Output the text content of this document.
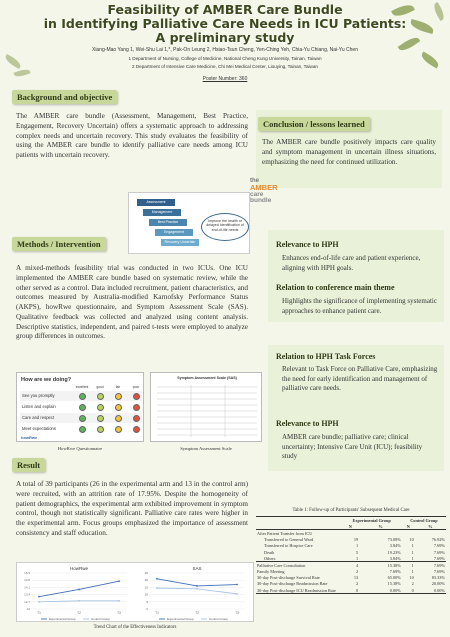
Feasibility of AMBER Care Bundle
in Identifying Palliative Care Needs in ICU Patients:
A preliminary study
Xiang-Mao Yang 1, Wei-Shu Lai 1,*, Pak-On Leung 2, Hsiao-Tsun Cheng, Yen-Ching Yeh, Chia-Yu Chiang, Nai-Yu Chen
1 Department of Nursing, College of Medicine, National Cheng Kung University, Tainan, Taiwan
2 Department of Intensive Care Medicine, Chi Mei Medical Center, Liouying, Tainan, Taiwan
Poster Number: 360
Background and objective
The AMBER care bundle (Assessment, Management, Best Practice, Engagement, Recovery Uncertain) offers a systematic approach to addressing complex needs and uncertain recovery. This study evaluates the feasibility of using the AMBER care bundle to identify palliative care needs among ICU patients with uncertain recovery.
Conclusion / lessons learned
The AMBER care bundle positively impacts care quality and symptom management in uncertain illness situations, emphasizing the need for continued utilization.
Assessment
Management
Best Practice
Engagement
Recovery Uncertain
Improve the health or delayed identification of end-of-life needs
the
AMBER
care
bundle
Methods / Intervention
A mixed-methods feasibility trial was conducted in two ICUs. One ICU implemented the AMBER care bundle based on systematic review, while the other served as a control. Data included recruitment, patient characteristics, and outcomes measured by Australia-modified Karnofsky Performance Status (AKPS), howRwe questionnaire, and Symptom Assessment Scale (SAS). Qualitative feedback was collected and analyzed using content analysis. Descriptive statistics, independent, and paired t-tests were employed to analyze group differences in outcomes.
Relevance to HPH
Enhances end-of-life care and patient experience, aligning with HPH goals.
Relation to conference main theme
Highlights the significance of implementing systematic approaches to enhance patient care.
Relation to HPH Task Forces
Relevant to Task Force on Palliative Care, emphasizing the need for early identification and management of palliative care needs.
Relevance to HPH
AMBER care bundle; palliative care; clinical uncertainty; Intensive Care Unit (ICU); feasibility study
How are we doing?
excellent	good	fair	poor
See you promptly
Listen and explain
Care and respect
Meet expectations
howRwe
HowRwe Questionnaire
Symptom Assessment Scale (SAS)
Symptom Assessment Scale
Result
A total of 39 participants (26 in the experimental arm and 13 in the control arm) were recruited, with an attrition rate of 17.95%. Despite the homogeneity of patient demographics, the experimental arm exhibited improvement in symptom control, though not statistically significant. Palliative care rates were higher in the experimental arm. Focus groups emphasized the importance of assessment consistency and staff education.
Table 1: Follow-up of Participants' Subsequent Medical Care
	Experimental Group		Control Group	
	N	%	N	%
After Patient Transfer from ICU				
Transferred to General Ward	19	73.08%	10	76.92%
Transferred to Hospice Care	1	3.84%	1	7.69%
Death	5	19.23%	1	7.69%
Others	1	3.84%	1	7.69%
Palliative Care Consultation	4	15.38%	1	7.69%
Family Meeting	2	7.69%	1	7.69%
30-day Post-discharge Survival Rate	13	65.00%	10	83.33%
30-day Post-discharge Readmission Rate	2	15.38%	2	20.00%
30-day Post-discharge ICU Readmission Rate	0	0.00%	0	0.00%
HowRwe
12
12.7
13.4
14.1
14.8
15.5
T1	T2	T3
Experimental Group	Control Group
SAS
0
5
10
15
20
25
T1	T2	T3
Experimental Group	Control Group
Trend Chart of the Effectiveness Indicators
